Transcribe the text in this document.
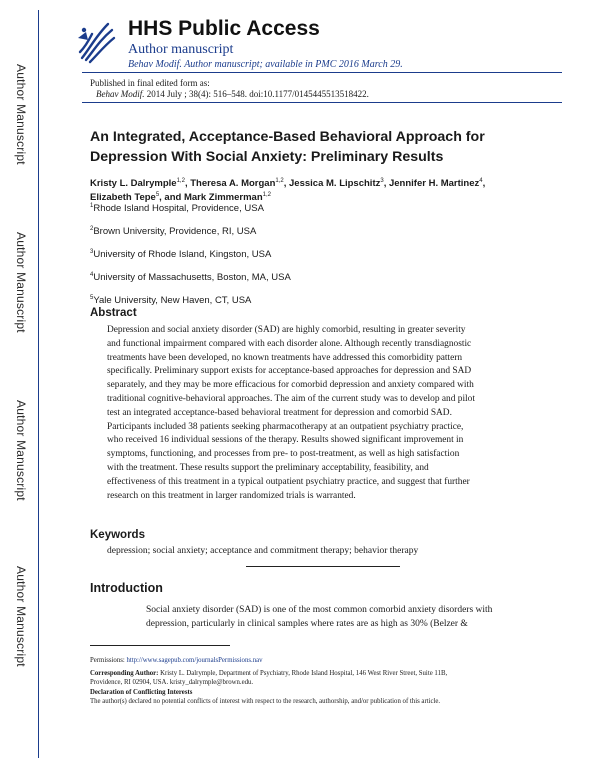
Author Manuscript
Author Manuscript
Author Manuscript
Author Manuscript
HHS Public Access
Author manuscript
Behav Modif. Author manuscript; available in PMC 2016 March 29.
Published in final edited form as:
Behav Modif. 2014 July ; 38(4): 516–548. doi:10.1177/0145445513518422.
An Integrated, Acceptance-Based Behavioral Approach for
Depression With Social Anxiety: Preliminary Results
Kristy L. Dalrymple$^{1,2}$, Theresa A. Morgan$^{1,2}$, Jessica M. Lipschitz$^3$, Jennifer H. Martinez$^4$,
Elizabeth Tepe$^5$, and Mark Zimmerman$^{1,2}$
$^1$Rhode Island Hospital, Providence, USA
$^2$Brown University, Providence, RI, USA
$^3$University of Rhode Island, Kingston, USA
$^4$University of Massachusetts, Boston, MA, USA
$^5$Yale University, New Haven, CT, USA
Abstract
Depression and social anxiety disorder (SAD) are highly comorbid, resulting in greater severity
and functional impairment compared with each disorder alone. Although recently transdiagnostic
treatments have been developed, no known treatments have addressed this comorbidity pattern
specifically. Preliminary support exists for acceptance-based approaches for depression and SAD
separately, and they may be more efficacious for comorbid depression and anxiety compared with
traditional cognitive-behavioral approaches. The aim of the current study was to develop and pilot
test an integrated acceptance-based behavioral treatment for depression and comorbid SAD.
Participants included 38 patients seeking pharmacotherapy at an outpatient psychiatry practice,
who received 16 individual sessions of the therapy. Results showed significant improvement in
symptoms, functioning, and processes from pre- to post-treatment, as well as high satisfaction
with the treatment. These results support the preliminary acceptability, feasibility, and
effectiveness of this treatment in a typical outpatient psychiatry practice, and suggest that further
research on this treatment in larger randomized trials is warranted.
Keywords
depression; social anxiety; acceptance and commitment therapy; behavior therapy
Introduction
Social anxiety disorder (SAD) is one of the most common comorbid anxiety disorders with
depression, particularly in clinical samples where rates are as high as 30% (Belzer &
Permissions: http://www.sagepub.com/journalsPermissions.nav
Corresponding Author: Kristy L. Dalrymple, Department of Psychiatry, Rhode Island Hospital, 146 West River Street, Suite 11B,
Providence, RI 02904, USA. kristy_dalrymple@brown.edu.
Declaration of Conflicting Interests
The author(s) declared no potential conflicts of interest with respect to the research, authorship, and/or publication of this article.
